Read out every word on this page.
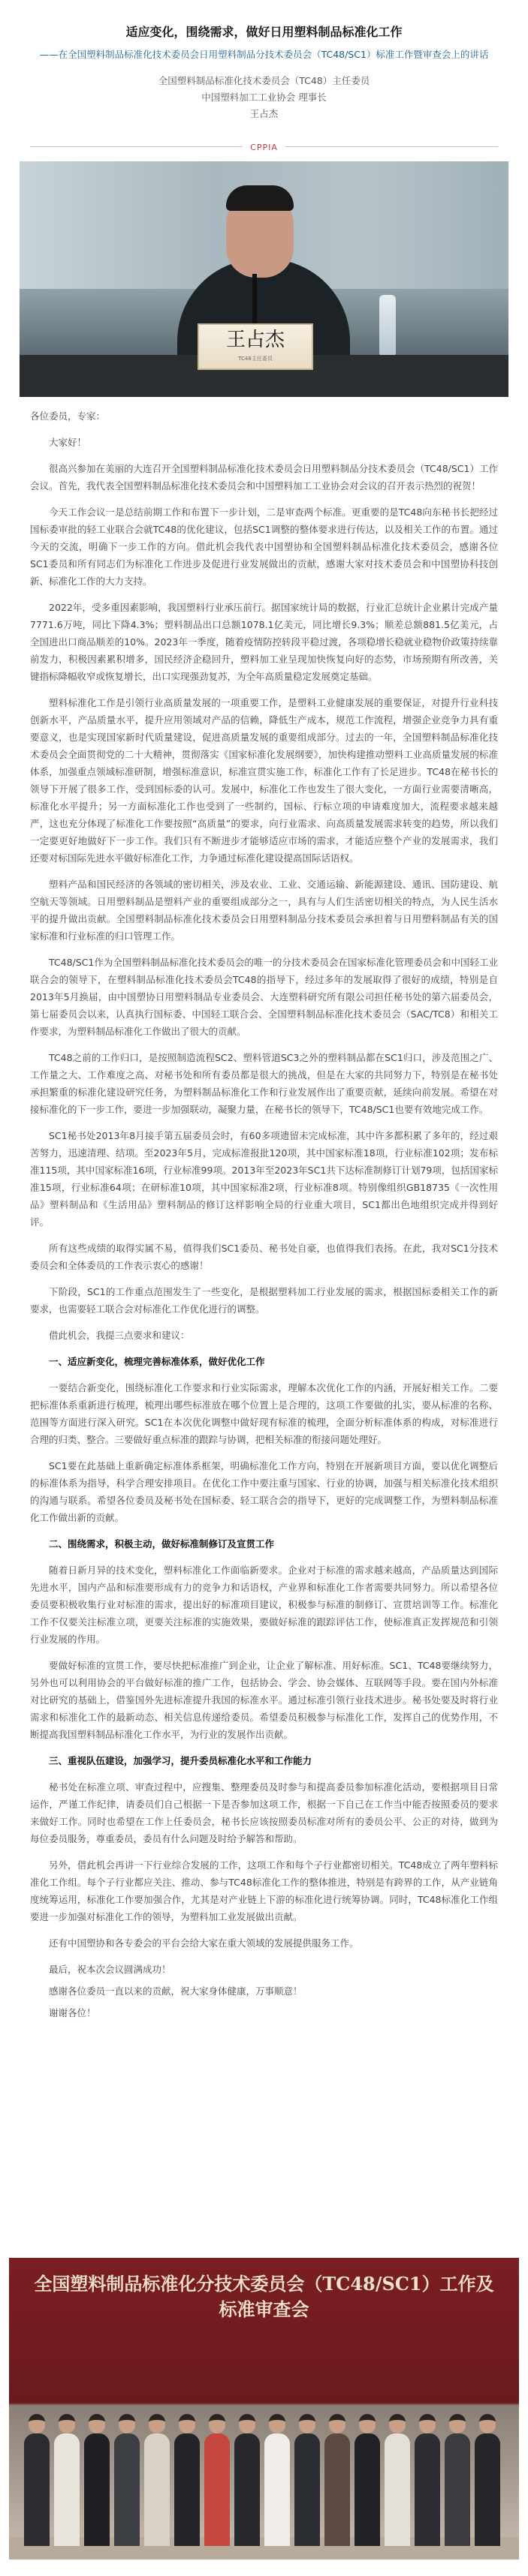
适应变化，围绕需求，做好日用塑料制品标准化工作

——在全国塑料制品标准化技术委员会日用塑料制品分技术委员会（TC48/SC1）标准工作暨审查会上的讲话

全国塑料制品标准化技术委员会（TC48）主任委员

中国塑料加工工业协会 理事长

王占杰

CPPIA
王占杰
TC48主任委员

各位委员，专家：

大家好！

很高兴参加在美丽的大连召开全国塑料制品标准化技术委员会日用塑料制品分技术委员会（TC48/SC1）工作会议。首先，我代表全国塑料制品标准化技术委员会和中国塑料加工工业协会对会议的召开表示热烈的祝贺！

今天工作会议一是总结前期工作和布置下一步计划，二是审查两个标准。更重要的是TC48向东秘书长把经过国标委审批的轻工业联合会就TC48的优化建议，包括SC1调整的整体要求进行传达，以及相关工作的布置。通过今天的交流，明确下一步工作的方向。借此机会我代表中国塑协和全国塑料制品标准化技术委员会，感谢各位SC1委员和所有同志们为标准化工作进步及促进行业发展做出的贡献，感谢大家对技术委员会和中国塑协科技创新、标准化工作的大力支持。

2022年，受多重因素影响，我国塑料行业承压前行。据国家统计局的数据，行业汇总统计企业累计完成产量7771.6万吨，同比下降4.3%；塑料制品出口总额1078.1亿美元，同比增长9.3%；顺差总额881.5亿美元，占全国进出口商品顺差的10%。2023年一季度，随着疫情防控转段平稳过渡，各项稳增长稳就业稳物价政策持续靠前发力，积极因素累积增多，国民经济企稳回升，塑料加工业呈现加快恢复向好的态势，市场预期有所改善，关键指标降幅收窄或恢复增长，出口实现强劲复苏，为全年高质量稳定发展奠定基础。

塑料标准化工作是引领行业高质量发展的一项重要工作，是塑料工业健康发展的重要保证，对提升行业科技创新水平，产品质量水平，提升应用领域对产品的信赖，降低生产成本，规范工作流程，增强企业竞争力具有重要意义，也是实现国家新时代质量建设，促进高质量发展的重要组成部分。过去的一年，全国塑料制品标准化技术委员会全面贯彻党的二十大精神，贯彻落实《国家标准化发展纲要》，加快构建推动塑料工业高质量发展的标准体系，加强重点领域标准研制，增强标准意识，标准宣贯实施工作，标准化工作有了长足进步。TC48在秘书长的领导下开展了很多工作，受到国标委的认可。发展中，标准化工作也发生了很大变化，一方面行业需要清晰高，标准化水平提升；另一方面标准化工作也受到了一些制约，国标、行标立项的申请难度加大，流程要求越来越严，这也充分体现了标准化工作要按照“高质量”的要求，向行业需求、向高质量发展需求转变的趋势，所以我们一定要更好地做好下一步工作。我们只有不断进步才能够适应市场的需求，才能适应整个产业的发展需求，我们还要对标国际先进水平做好标准化工作，力争通过标准化建设提高国际话语权。

塑料产品和国民经济的各领域的密切相关，涉及农业、工业、交通运输、新能源建设、通讯、国防建设、航空航天等领域。日用塑料制品是塑料产业的重要组成部分之一，具有与人们生活密切相关的特点，为人民生活水平的提升做出贡献。全国塑料制品标准化技术委员会日用塑料制品分技术委员会承担着与日用塑料制品有关的国家标准和行业标准的归口管理工作。

TC48/SC1作为全国塑料制品标准化技术委员会的唯一的分技术委员会在国家标准化管理委员会和中国轻工业联合会的领导下，在塑料制品标准化技术委员会TC48的指导下，经过多年的发展取得了很好的成绩，特别是自2013年5月换届，由中国塑协日用塑料制品专业委员会、大连塑料研究所有限公司担任秘书处的第六届委员会，第七届委员会以来，认真执行国标委、中国轻工联合会、全国塑料制品标准化技术委员会（SAC/TC8）和相关工作要求，为塑料制品标准化工作做出了很大的贡献。

TC48之前的工作归口，是按照制造流程SC2、塑料管道SC3之外的塑料制品都在SC1归口，涉及范围之广、工作量之大、工作难度之高、对秘书处和所有委员都是很大的挑战，但是在大家的共同努力下，特别是在秘书处承担繁重的标准化建设研究任务，为塑料制品标准化工作和行业发展作出了重要贡献，延续向前发展。希望在对接标准化的下一步工作，要进一步加强联动，凝聚力量，在秘书长的领导下，TC48/SC1也要有效地完成工作。

SC1秘书处2013年8月接手第五届委员会时，有60多项遗留未完成标准，其中许多都积累了多年的，经过艰苦努力，迅速清理、结项。至2023年5月，完成标准报批120项，其中国家标准18项，行业标准102项；发布标准115项，其中国家标准16项，行业标准99项。2013年至2023年SC1共下达标准制修订计划79项，包括国家标准15项，行业标准64项；在研标准10项，其中国家标准2项，行业标准8项。特别像组织GB18735《一次性用品》塑料制品和《生活用品》塑料制品的修订这样影响全局的行业重大项目，SC1都出色地组织完成并得到好评。

所有这些成绩的取得实属不易，值得我们SC1委员、秘书处自豪，也值得我们表扬。在此，我对SC1分技术委员会和全体委员的工作表示衷心的感谢！

下阶段，SC1的工作重点范围发生了一些变化，是根据塑料加工行业发展的需求，根据国标委相关工作的新要求，也需要轻工联合会对标准化工作优化进行的调整。

借此机会，我提三点要求和建议：

一、适应新变化，梳理完善标准体系，做好优化工作

一要结合新变化，围绕标准化工作要求和行业实际需求，理解本次优化工作的内涵，开展好相关工作。二要把标准体系重新进行梳理，梳理出哪些标准放在哪个位置上是合理的，这项工作要做的扎实，要从标准的名称、范围等方面进行深入研究。SC1在本次优化调整中做好现有标准的梳理，全面分析标准体系的构成，对标准进行合理的归类、整合。三要做好重点标准的跟踪与协调，把相关标准的衔接问题处理好。

SC1要在此基础上重新确定标准体系框架，明确标准化工作方向，特别在开展新项目方面，要以优化调整后的标准体系为指导，科学合理安排项目。在优化工作中要注重与国家、行业的协调，加强与相关标准化技术组织的沟通与联系。希望各位委员及秘书处在国标委、轻工联合会的指导下，更好的完成调整工作，为塑料制品标准化工作做出新的贡献。

二、围绕需求，积极主动，做好标准制修订及宣贯工作

随着日新月异的技术变化，塑料标准化工作面临新要求。企业对于标准的需求越来越高，产品质量达到国际先进水平，国内产品和标准要形成有力的竞争力和话语权，产业界和标准化工作者需要共同努力。所以希望各位委员要积极收集行业对标准的需求，提出好的标准项目建议，积极参与标准的制修订、宣贯培训等工作。标准化工作不仅要关注标准立项，更要关注标准的实施效果，要做好标准的跟踪评估工作，使标准真正发挥规范和引领行业发展的作用。

要做好标准的宣贯工作，要尽快把标准推广到企业，让企业了解标准、用好标准。SC1、TC48要继续努力，另外也可以利用协会的平台做好标准的推广工作，包括协会、学会、协会媒体、互联网等手段。要在国内外标准对比研究的基础上，借鉴国外先进标准提升我国的标准水平。通过标准引领行业技术进步。秘书处要及时将行业需求和标准化工作的最新动态、相关信息传递给委员。希望委员积极参与标准化工作，发挥自己的优势作用，不断提高我国塑料制品标准化工作水平，为行业的发展作出贡献。

三、重视队伍建设，加强学习，提升委员标准化水平和工作能力

秘书处在标准立项、审查过程中，应搜集、整理委员及时参与和提高委员参加标准化活动，要根据项目日常运作，严谨工作纪律，请委员们自己根据一下是否参加这项工作，根据一下自己在工作当中能否按照委员的要求来做好工作。同时也希望在工作上任委员会，秘书长应该按照委员标准对所有的委员公平、公正的对待，做到为每位委员服务，尊重委员，委员有什么问题及时给予解答和帮助。

另外，借此机会再讲一下行业综合发展的工作，这项工作和每个子行业都密切相关。TC48成立了两年塑料标准化工作组。每个子行业都应关注、推动、参与TC48标准化工作的整体推进，特别是有跨界的工作，从产业链角度统筹运用，标准化工作要加强合作，尤其是对产业链上下游的标准化进行统筹协调。同时，TC48标准化工作组要进一步加强对标准化工作的领导，为塑料加工业发展做出贡献。

还有中国塑协和各专委会的平台会给大家在重大领域的发展提供服务工作。

最后，祝本次会议圆满成功！

感谢各位委员一直以来的贡献，祝大家身体健康，万事顺意！

谢谢各位！

全国塑料制品标准化分技术委员会（TC48/SC1）工作及标准审查会
